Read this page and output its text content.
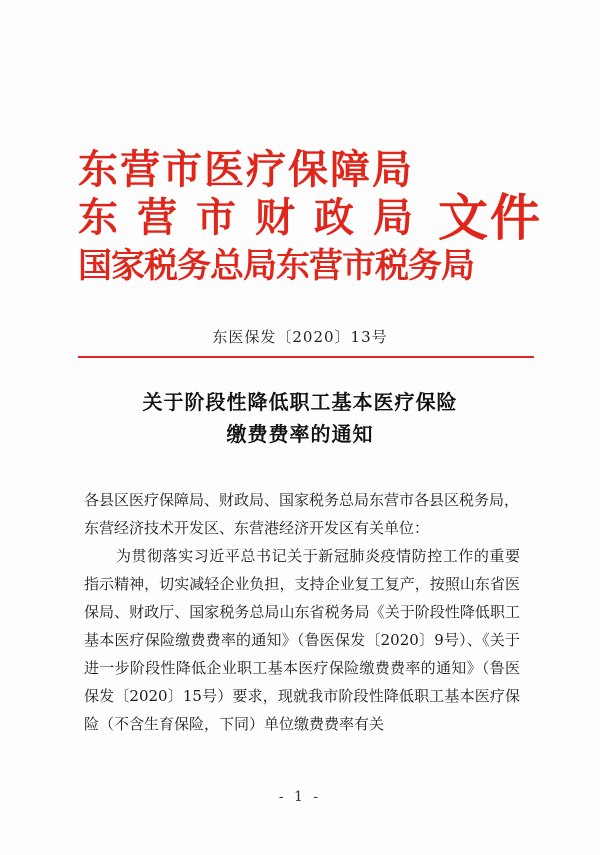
东营市医疗保障局
东营市财政局
国家税务总局东营市税务局
文件
东医保发〔2020〕13号
关于阶段性降低职工基本医疗保险
缴费费率的通知
各县区医疗保障局、财政局、国家税务总局东营市各县区税务局，东营经济技术开发区、东营港经济开发区有关单位：
为贯彻落实习近平总书记关于新冠肺炎疫情防控工作的重要指示精神，切实减轻企业负担，支持企业复工复产，按照山东省医保局、财政厅、国家税务总局山东省税务局《关于阶段性降低职工基本医疗保险缴费费率的通知》（鲁医保发〔2020〕9号）、《关于进一步阶段性降低企业职工基本医疗保险缴费费率的通知》（鲁医保发〔2020〕15号）要求，现就我市阶段性降低职工基本医疗保险（不含生育保险，下同）单位缴费费率有关
- 1 -
